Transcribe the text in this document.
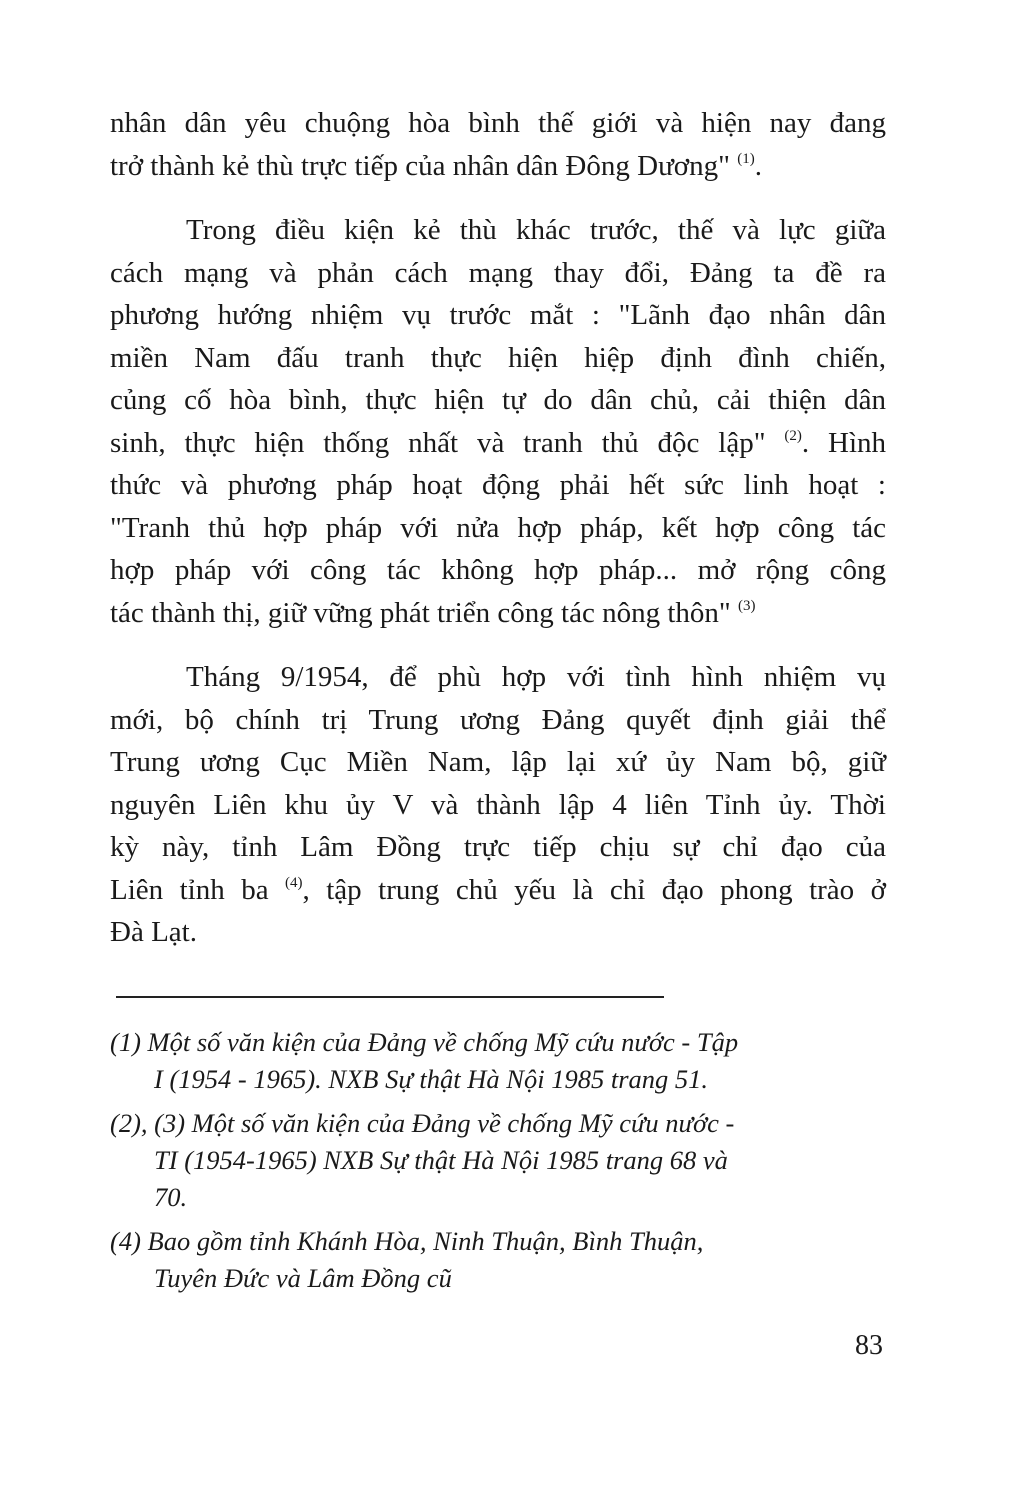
nhân dân yêu chuộng hòa bình thế giới và hiện nay đang
trở thành kẻ thù trực tiếp của nhân dân Đông Dương" $^{(1)}$.
Trong điều kiện kẻ thù khác trước, thế và lực giữa
cách mạng và phản cách mạng thay đổi, Đảng ta đề ra
phương hướng nhiệm vụ trước mắt : "Lãnh đạo nhân dân
miền Nam đấu tranh thực hiện hiệp định đình chiến,
củng cố hòa bình, thực hiện tự do dân chủ, cải thiện dân
sinh, thực hiện thống nhất và tranh thủ độc lập" $^{(2)}$. Hình
thức và phương pháp hoạt động phải hết sức linh hoạt :
"Tranh thủ hợp pháp với nửa hợp pháp, kết hợp công tác
hợp pháp với công tác không hợp pháp... mở rộng công
tác thành thị, giữ vững phát triển công tác nông thôn" $^{(3)}$
Tháng 9/1954, để phù hợp với tình hình nhiệm vụ
mới, bộ chính trị Trung ương Đảng quyết định giải thể
Trung ương Cục Miền Nam, lập lại xứ ủy Nam bộ, giữ
nguyên Liên khu ủy V và thành lập 4 liên Tỉnh ủy. Thời
kỳ này, tỉnh Lâm Đồng trực tiếp chịu sự chỉ đạo của
Liên tỉnh ba $^{(4)}$, tập trung chủ yếu là chỉ đạo phong trào ở
Đà Lạt.
(1) Một số văn kiện của Đảng về chống Mỹ cứu nước - Tập
I (1954 - 1965). NXB Sự thật Hà Nội 1985 trang 51.
(2), (3) Một số văn kiện của Đảng về chống Mỹ cứu nước -
TI (1954-1965) NXB Sự thật Hà Nội 1985 trang 68 và
70.
(4) Bao gồm tỉnh Khánh Hòa, Ninh Thuận, Bình Thuận,
Tuyên Đức và Lâm Đồng cũ
83
